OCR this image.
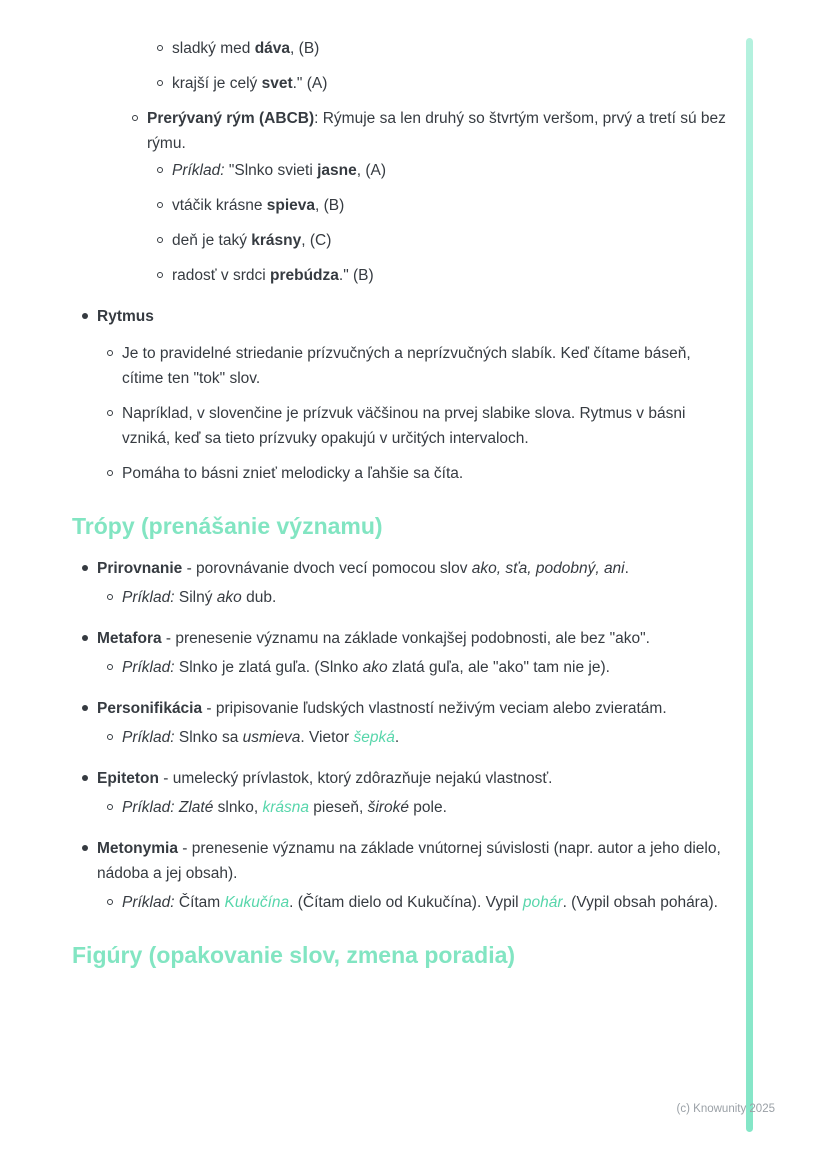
sladký med dáva, (B)
krajší je celý svet." (A)
Prerývaný rým (ABCB): Rýmuje sa len druhý so štvrtým veršom, prvý a tretí sú bez rýmu.
Príklad: "Slnko svieti jasne, (A)
vtáčik krásne spieva, (B)
deň je taký krásny, (C)
radosť v srdci prebúdza." (B)
Rytmus
Je to pravidelné striedanie prízvučných a neprízvučných slabík. Keď čítame báseň, cítime ten "tok" slov.
Napríklad, v slovenčine je prízvuk väčšinou na prvej slabike slova. Rytmus v básni vzniká, keď sa tieto prízvuky opakujú v určitých intervaloch.
Pomáha to básni znieť melodicky a ľahšie sa číta.
Trópy (prenášanie významu)
Prirovnanie - porovnávanie dvoch vecí pomocou slov ako, sťa, podobný, ani.
Príklad: Silný ako dub.
Metafora - prenesenie významu na základe vonkajšej podobnosti, ale bez "ako".
Príklad: Slnko je zlatá guľa. (Slnko ako zlatá guľa, ale "ako" tam nie je).
Personifikácia - pripisovanie ľudských vlastností neživým veciam alebo zvieratám.
Príklad: Slnko sa usmieva. Vietor šepká.
Epiteton - umelecký prívlastok, ktorý zdôrazňuje nejakú vlastnosť.
Príklad: Zlaté slnko, krásna pieseň, široké pole.
Metonymia - prenesenie významu na základe vnútornej súvislosti (napr. autor a jeho dielo, nádoba a jej obsah).
Príklad: Čítam Kukučína. (Čítam dielo od Kukučína). Vypil pohár. (Vypil obsah pohára).
Figúry (opakovanie slov, zmena poradia)
(c) Knowunity 2025
